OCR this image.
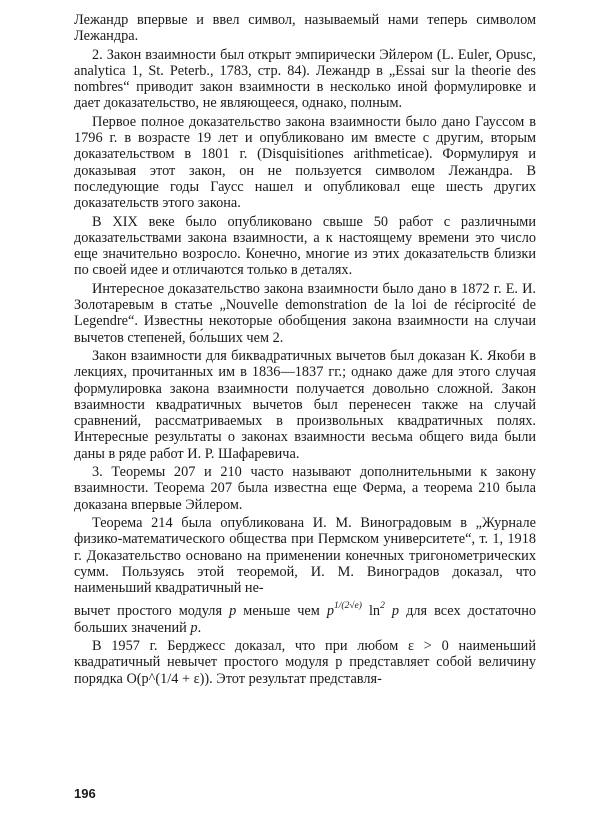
Лежандр впервые и ввел символ, называемый нами теперь символом Лежандра.

2. Закон взаимности был открыт эмпирически Эйлером (L. Euler, Opusc, analytica 1, St. Peterb., 1783, стр. 84). Лежандр в „Essai sur la theorie des nombres“ приводит закон взаимности в несколько иной формулировке и дает доказательство, не являющееся, однако, полным.

Первое полное доказательство закона взаимности было дано Гауссом в 1796 г. в возрасте 19 лет и опубликовано им вместе с другим, вторым доказательством в 1801 г. (Disquisitiones arithmeticae). Формулируя и доказывая этот закон, он не пользуется символом Лежандра. В последующие годы Гаусс нашел и опубликовал еще шесть других доказательств этого закона.

В XIX веке было опубликовано свыше 50 работ с различными доказательствами закона взаимности, а к настоящему времени это число еще значительно возросло. Конечно, многие из этих доказательств близки по своей идее и отличаются только в деталях.

Интересное доказательство закона взаимности было дано в 1872 г. Е. И. Золотаревым в статье „Nouvelle demonstration de la loi de réciprocité de Legendre“. Известны некоторые обобщения закона взаимности на случаи вычетов степеней, бо́льших чем 2.

Закон взаимности для биквадратичных вычетов был доказан К. Якоби в лекциях, прочитанных им в 1836—1837 гг.; однако даже для этого случая формулировка закона взаимности получается довольно сложной. Закон взаимности квадратичных вычетов был перенесен также на случай сравнений, рассматриваемых в произвольных квадратичных полях. Интересные результаты о законах взаимности весьма общего вида были даны в ряде работ И. Р. Шафаревича.

3. Теоремы 207 и 210 часто называют дополнительными к закону взаимности. Теорема 207 была известна еще Ферма, а теорема 210 была доказана впервые Эйлером.

Теорема 214 была опубликована И. М. Виноградовым в „Журнале физико-математического общества при Пермском университете“, т. 1, 1918 г. Доказательство основано на применении конечных тригонометрических сумм. Пользуясь этой теоремой, И. М. Виноградов доказал, что наименьший квадратичный не-

вычет простого модуля p меньше чем $p^{1/(2√e)}$ $\ln^2 p$ для всех достаточно больших значений p.

В 1957 г. Берджесс доказал, что при любом ε > 0 наименьший квадратичный невычет простого модуля p представляет собой величину порядка O(p^(1/4 + ε)). Этот результат представля-

196
